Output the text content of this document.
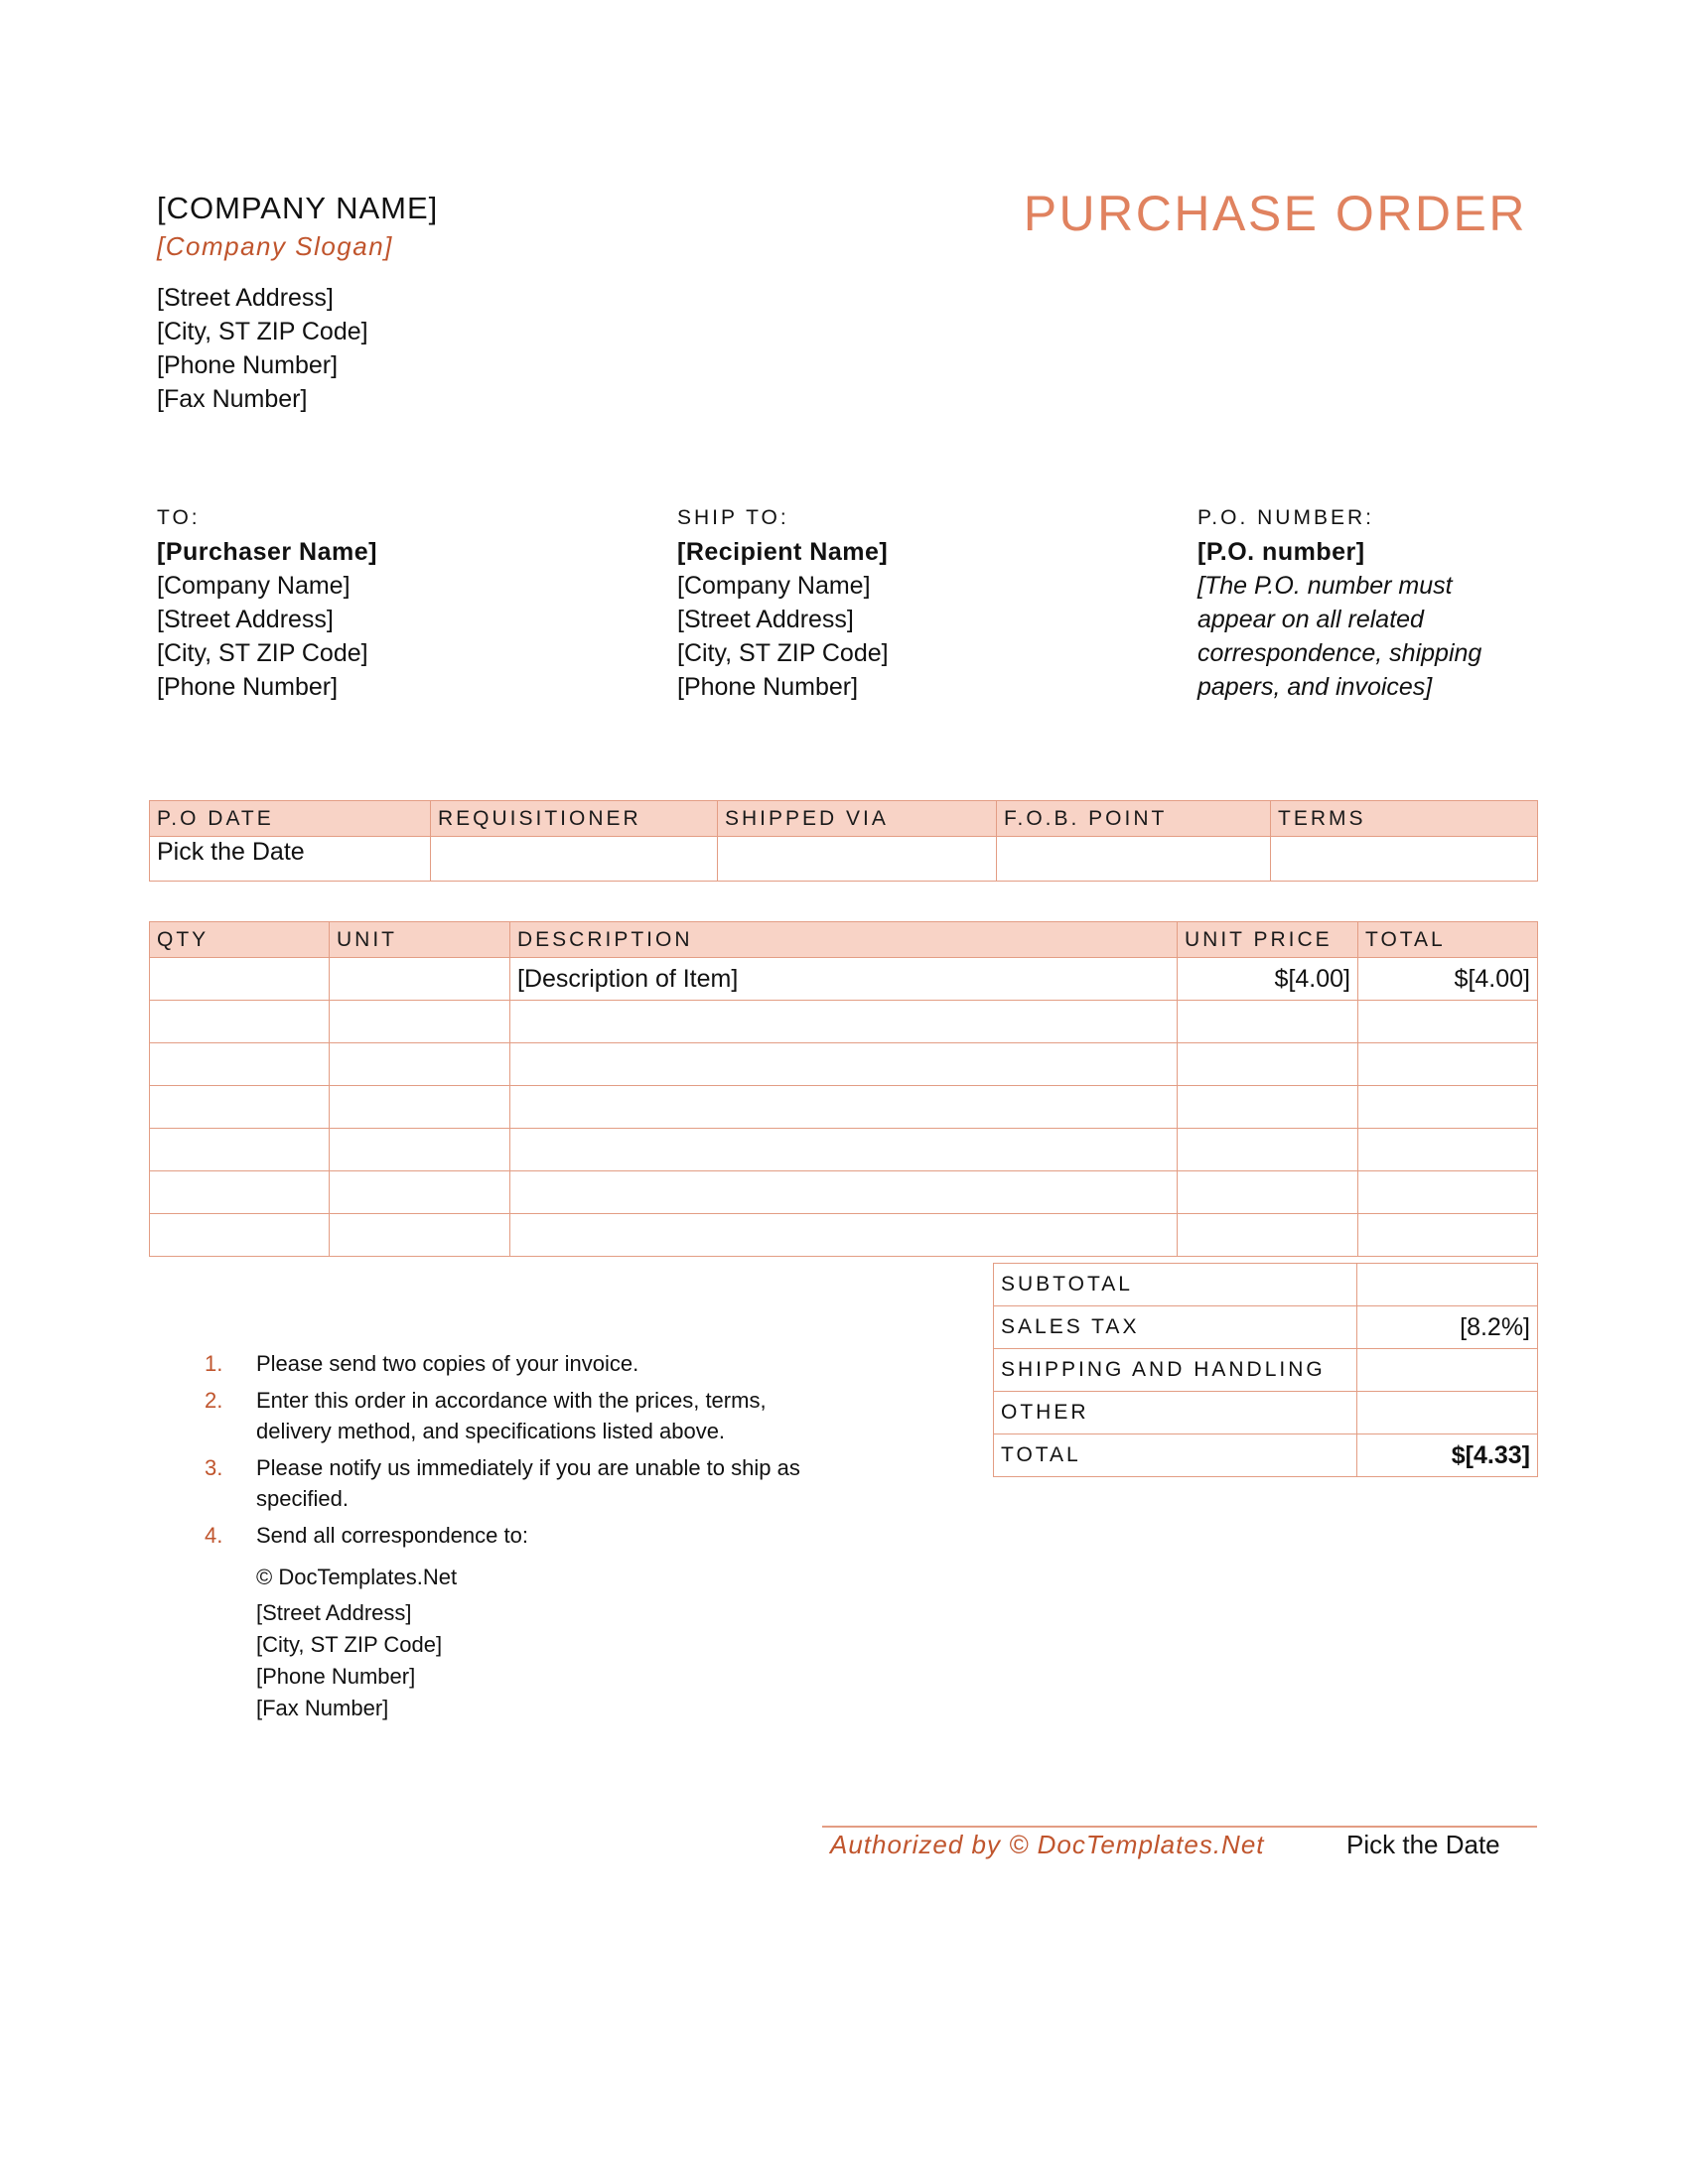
[COMPANY NAME]
[Company Slogan]
[Street Address]
[City, ST ZIP Code]
[Phone Number]
[Fax Number]
PURCHASE ORDER
TO:
[Purchaser Name]
[Company Name]
[Street Address]
[City, ST ZIP Code]
[Phone Number]
SHIP TO:
[Recipient Name]
[Company Name]
[Street Address]
[City, ST ZIP Code]
[Phone Number]
P.O. NUMBER:
[P.O. number]
[The P.O. number must
appear on all related
correspondence, shipping
papers, and invoices]
P.O DATE	REQUISITIONER	SHIPPED VIA	F.O.B. POINT	TERMS
Pick the Date				
QTY	UNIT	DESCRIPTION	UNIT PRICE	TOTAL
		[Description of Item]	$[4.00]	$[4.00]

SUBTOTAL	
SALES TAX	[8.2%]
SHIPPING AND HANDLING	
OTHER	
TOTAL	$[4.33]
1. Please send two copies of your invoice.
2. Enter this order in accordance with the prices, terms, delivery method, and specifications listed above.
3. Please notify us immediately if you are unable to ship as specified.
4. Send all correspondence to:
© DocTemplates.Net
[Street Address]
[City, ST ZIP Code]
[Phone Number]
[Fax Number]
Authorized by © DocTemplates.Net	Pick the Date
